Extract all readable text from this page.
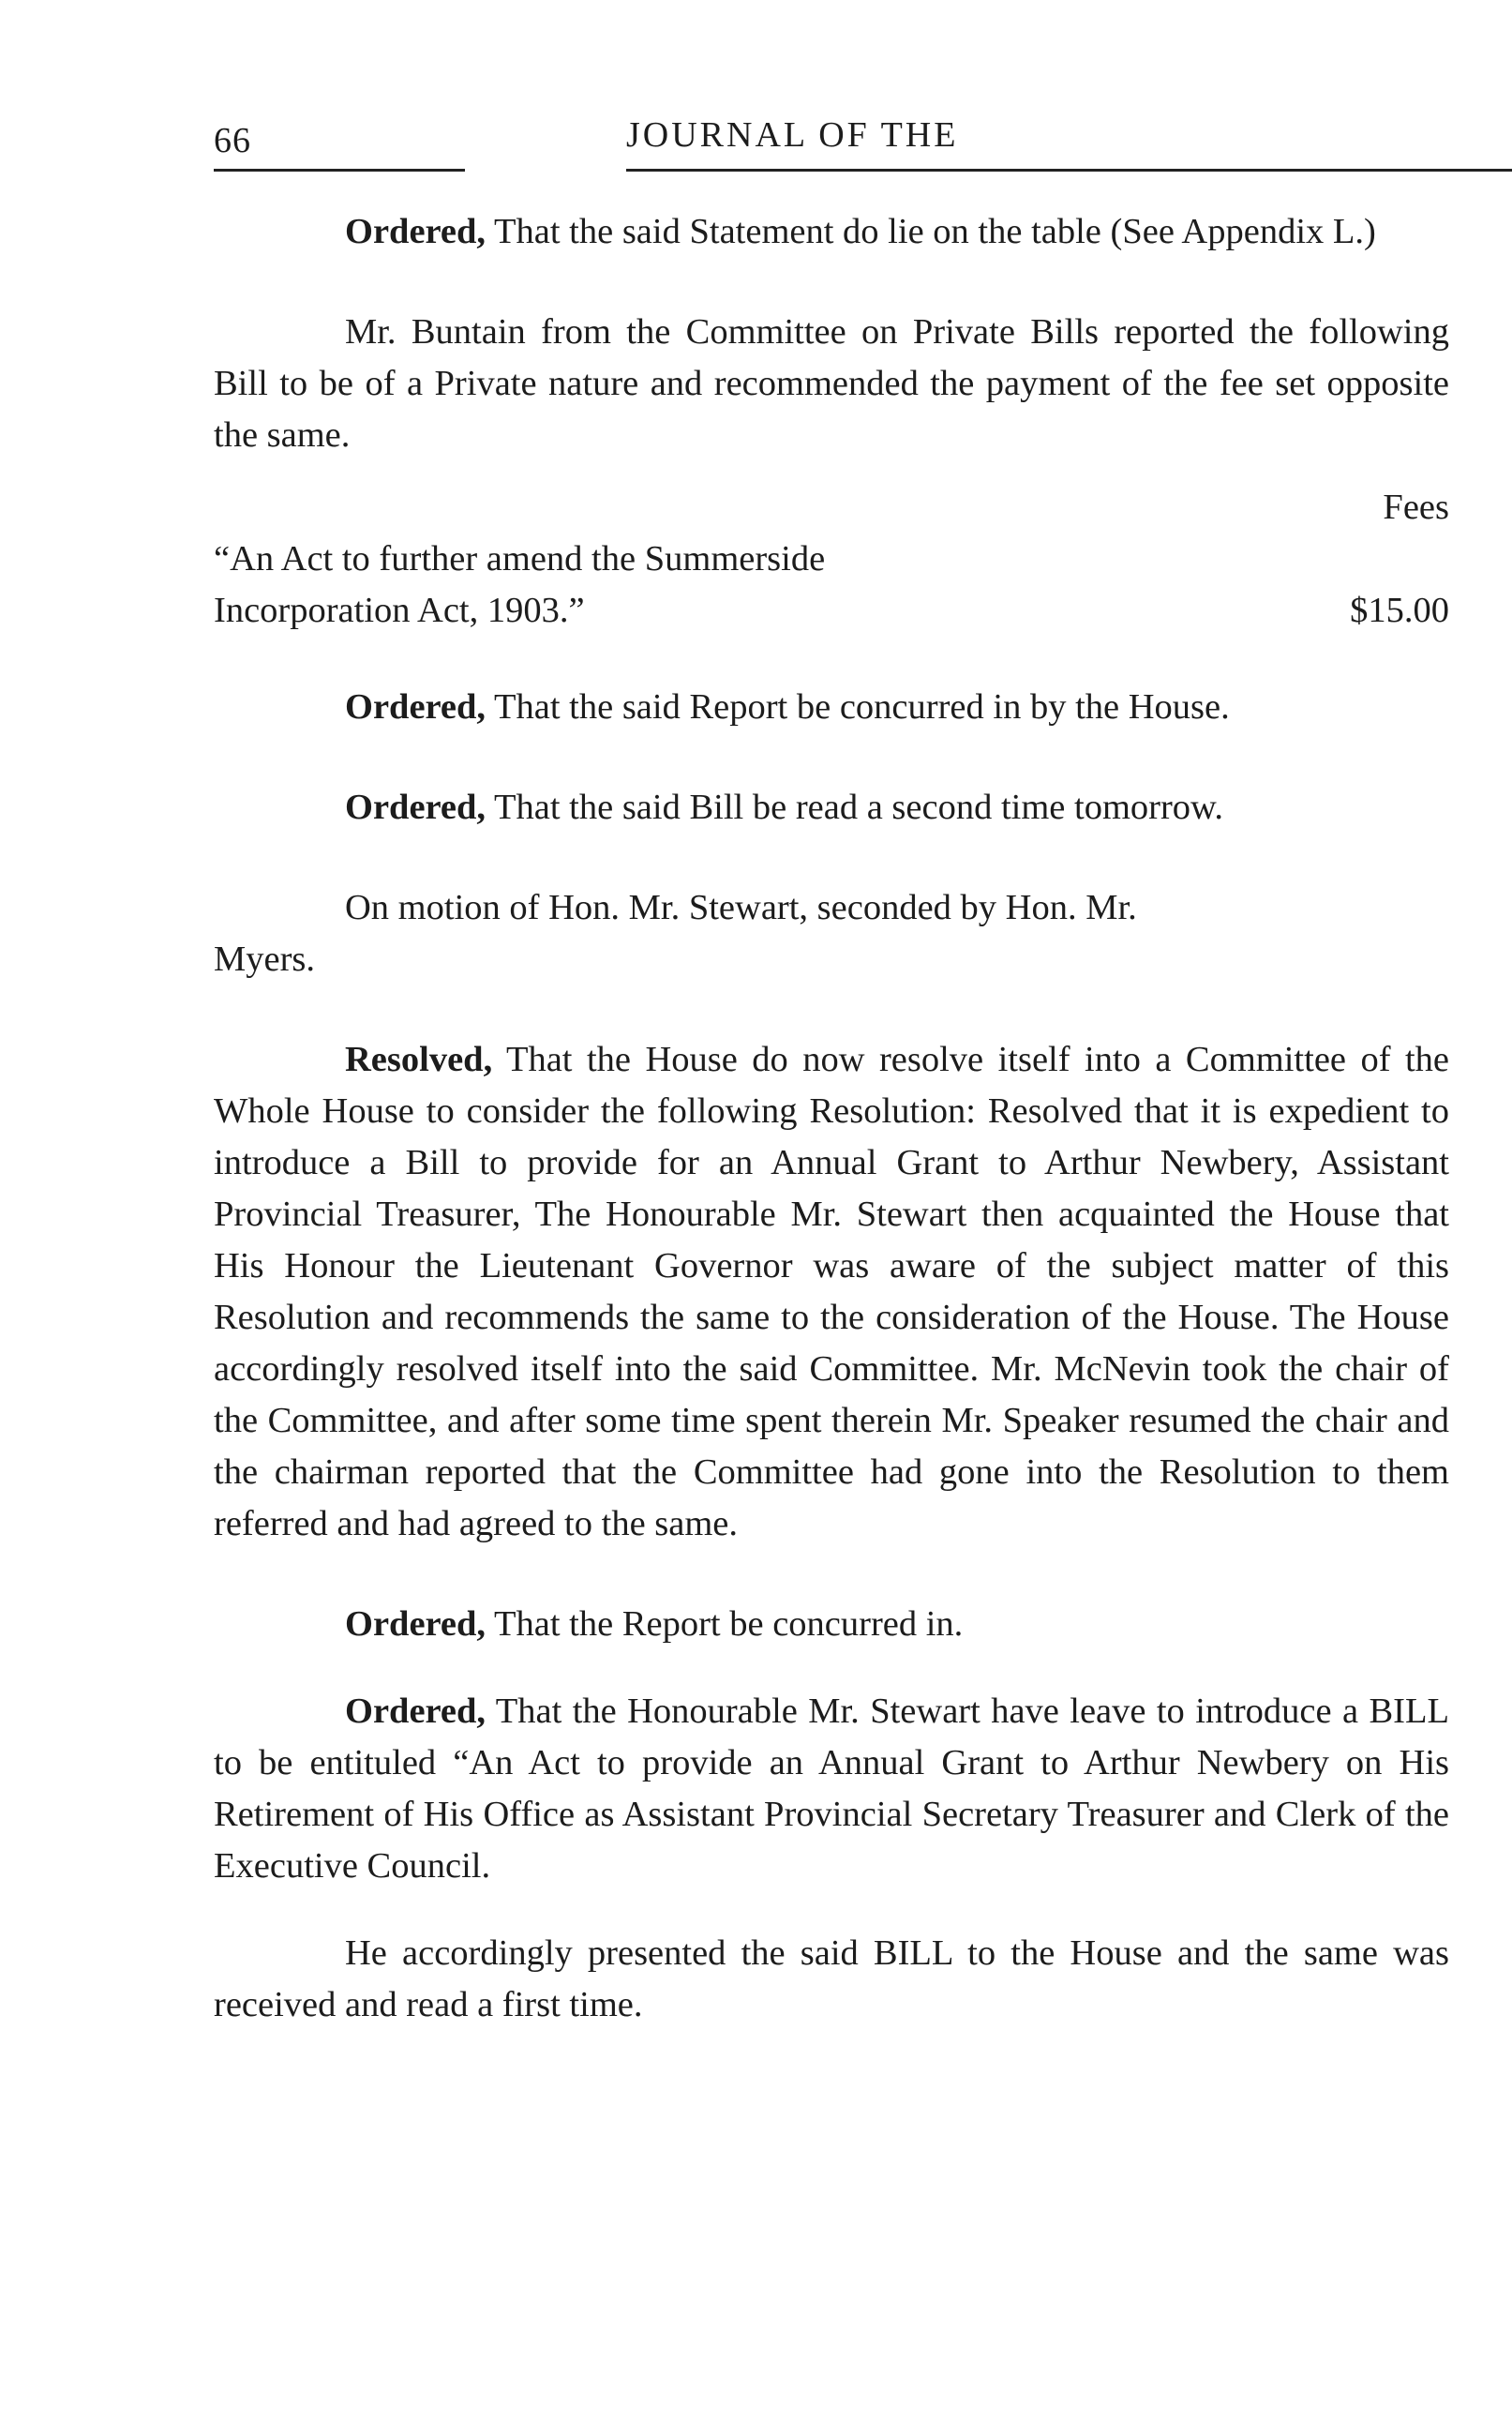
66	JOURNAL OF THE

Ordered, That the said Statement do lie on the table (See Appendix L.)

Mr. Buntain from the Committee on Private Bills reported the following Bill to be of a Private nature and recommended the payment of the fee set opposite the same.

Fees
“An Act to further amend the Summerside
Incorporation Act, 1903.”	$15.00

Ordered, That the said Report be concurred in by the House.

Ordered, That the said Bill be read a second time tomorrow.

On motion of Hon. Mr. Stewart, seconded by Hon. Mr.
Myers.

Resolved, That the House do now resolve itself into a Committee of the Whole House to consider the following Resolution: Resolved that it is expedient to introduce a Bill to provide for an Annual Grant to Arthur Newbery, Assistant Provincial Treasurer, The Honourable Mr. Stewart then acquainted the House that His Honour the Lieutenant Governor was aware of the subject matter of this Resolution and recommends the same to the consideration of the House. The House accordingly resolved itself into the said Committee. Mr. McNevin took the chair of the Committee, and after some time spent therein Mr. Speaker resumed the chair and the chairman reported that the Committee had gone into the Resolution to them referred and had agreed to the same.

Ordered, That the Report be concurred in.

Ordered, That the Honourable Mr. Stewart have leave to introduce a BILL to be entituled “An Act to provide an Annual Grant to Arthur Newbery on His Retirement of His Office as Assistant Provincial Secretary Treasurer and Clerk of the Executive Council.

He accordingly presented the said BILL to the House and the same was received and read a first time.
